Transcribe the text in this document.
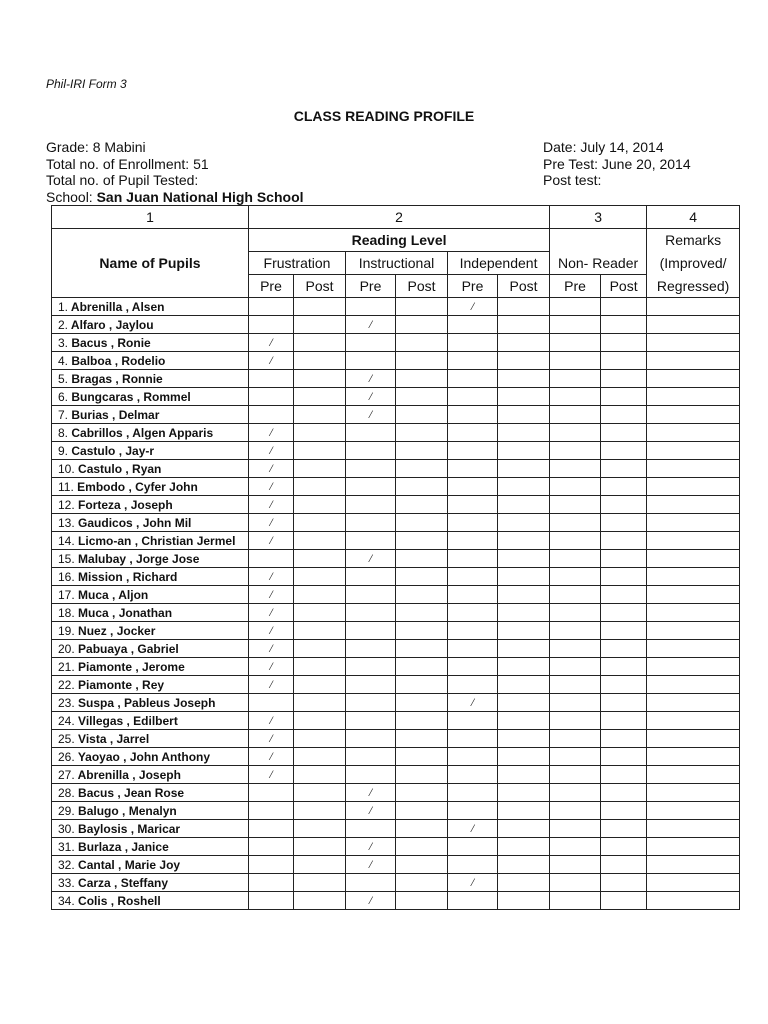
Phil-IRI Form 3
CLASS READING PROFILE
Grade: 8 Mabini
Total no. of Enrollment: 51
Total no. of Pupil Tested:
School: San Juan National High School
Date: July 14, 2014
Pre Test: June 20, 2014
Post test:
1	2						3		4
Name of Pupils	Reading Level								Remarks
	Frustration		Instructional		Independent		Non- Reader		(Improved/
	Pre	Post	Pre	Post	Pre	Post	Pre	Post	Regressed)
1. Abrenilla , Alsen					/				
2. Alfaro , Jaylou			/						
3. Bacus , Ronie	/								
4. Balboa , Rodelio	/								
5. Bragas , Ronnie			/						
6. Bungcaras , Rommel			/						
7. Burias , Delmar			/						
8. Cabrillos , Algen Apparis	/								
9. Castulo , Jay-r	/								
10. Castulo , Ryan	/								
11. Embodo , Cyfer John	/								
12. Forteza , Joseph	/								
13. Gaudicos , John Mil	/								
14. Licmo-an , Christian Jermel	/								
15. Malubay , Jorge Jose			/						
16. Mission , Richard	/								
17. Muca , Aljon	/								
18. Muca , Jonathan	/								
19. Nuez , Jocker	/								
20. Pabuaya , Gabriel	/								
21. Piamonte , Jerome	/								
22. Piamonte , Rey	/								
23. Suspa , Pableus Joseph					/				
24. Villegas , Edilbert	/								
25. Vista , Jarrel	/								
26. Yaoyao , John Anthony	/								
27. Abrenilla , Joseph	/								
28. Bacus , Jean Rose			/						
29. Balugo , Menalyn			/						
30. Baylosis , Maricar					/				
31. Burlaza , Janice			/						
32. Cantal , Marie Joy			/						
33. Carza , Steffany					/				
34. Colis , Roshell			/						
